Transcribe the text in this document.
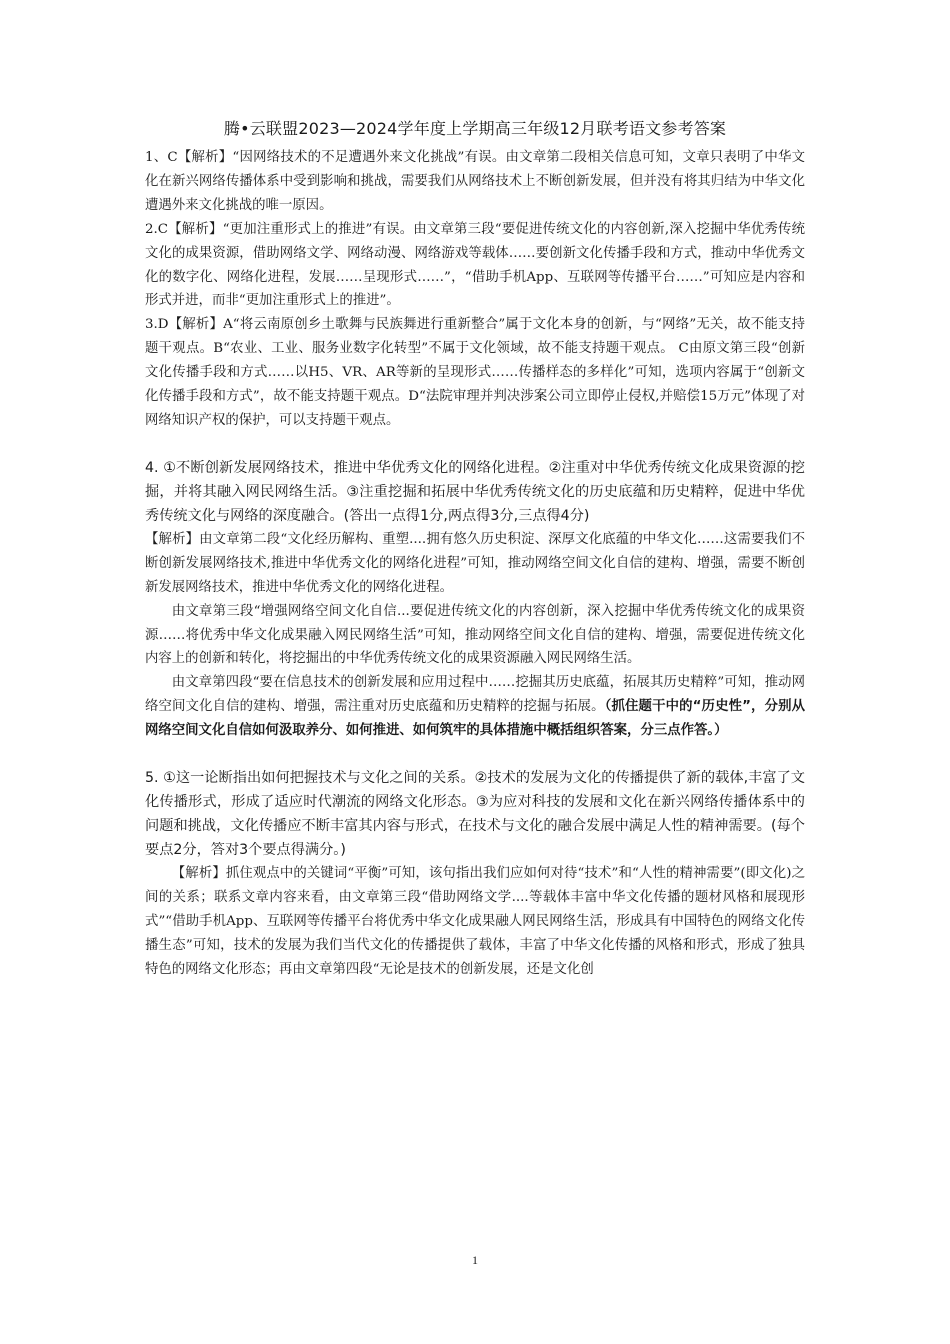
腾•云联盟2023—2024学年度上学期高三年级12月联考语文参考答案

1、C【解析】“因网络技术的不足遭遇外来文化挑战”有误。由文章第二段相关信息可知，文章只表明了中华文化在新兴网络传播体系中受到影响和挑战，需要我们从网络技术上不断创新发展，但并没有将其归结为中华文化遭遇外来文化挑战的唯一原因。

2.C【解析】“更加注重形式上的推进”有误。由文章第三段“要促进传统文化的内容创新,深入挖掘中华优秀传统文化的成果资源，借助网络文学、网络动漫、网络游戏等载体……要创新文化传播手段和方式，推动中华优秀文化的数字化、网络化进程，发展……呈现形式……”，“借助手机App、互联网等传播平台……”可知应是内容和形式并进，而非“更加注重形式上的推进”。

3.D【解析】A“将云南原创乡土歌舞与民族舞进行重新整合”属于文化本身的创新，与“网络”无关，故不能支持题干观点。B“农业、工业、服务业数字化转型”不属于文化领域，故不能支持题干观点。 C由原文第三段“创新文化传播手段和方式……以H5、VR、AR等新的呈现形式……传播样态的多样化”可知，选项内容属于“创新文化传播手段和方式”，故不能支持题干观点。D“法院审理并判决涉案公司立即停止侵权,并赔偿15万元”体现了对网络知识产权的保护，可以支持题干观点。

4. ①不断创新发展网络技术，推进中华优秀文化的网络化进程。②注重对中华优秀传统文化成果资源的挖掘，并将其融入网民网络生活。③注重挖掘和拓展中华优秀传统文化的历史底蕴和历史精粹，促进中华优秀传统文化与网络的深度融合。(答出一点得1分,两点得3分,三点得4分)

【解析】由文章第二段“文化经历解构、重塑....拥有悠久历史积淀、深厚文化底蕴的中华文化……这需要我们不断创新发展网络技术,推进中华优秀文化的网络化进程”可知，推动网络空间文化自信的建构、增强，需要不断创新发展网络技术，推进中华优秀文化的网络化进程。

由文章第三段“增强网络空间文化自信...要促进传统文化的内容创新，深入挖掘中华优秀传统文化的成果资源……将优秀中华文化成果融入网民网络生活”可知，推动网络空间文化自信的建构、增强，需要促进传统文化内容上的创新和转化，将挖掘出的中华优秀传统文化的成果资源融入网民网络生活。

由文章第四段“要在信息技术的创新发展和应用过程中……挖掘其历史底蕴，拓展其历史精粹”可知，推动网络空间文化自信的建构、增强，需注重对历史底蕴和历史精粹的挖掘与拓展。（抓住题干中的“历史性”，分别从网络空间文化自信如何汲取养分、如何推进、如何筑牢的具体措施中概括组织答案，分三点作答。）

5. ①这一论断指出如何把握技术与文化之间的关系。②技术的发展为文化的传播提供了新的载体,丰富了文化传播形式，形成了适应时代潮流的网络文化形态。③为应对科技的发展和文化在新兴网络传播体系中的问题和挑战，文化传播应不断丰富其内容与形式，在技术与文化的融合发展中满足人性的精神需要。(每个要点2分，答对3个要点得满分。)

【解析】抓住观点中的关键词“平衡”可知，该句指出我们应如何对待“技术”和“人性的精神需要”(即文化)之间的关系；联系文章内容来看，由文章第三段“借助网络文学....等载体丰富中华文化传播的题材风格和展现形式”“借助手机App、互联网等传播平台将优秀中华文化成果融人网民网络生活，形成具有中国特色的网络文化传播生态”可知，技术的发展为我们当代文化的传播提供了载体，丰富了中华文化传播的风格和形式，形成了独具特色的网络文化形态；再由文章第四段“无论是技术的创新发展，还是文化创

1
